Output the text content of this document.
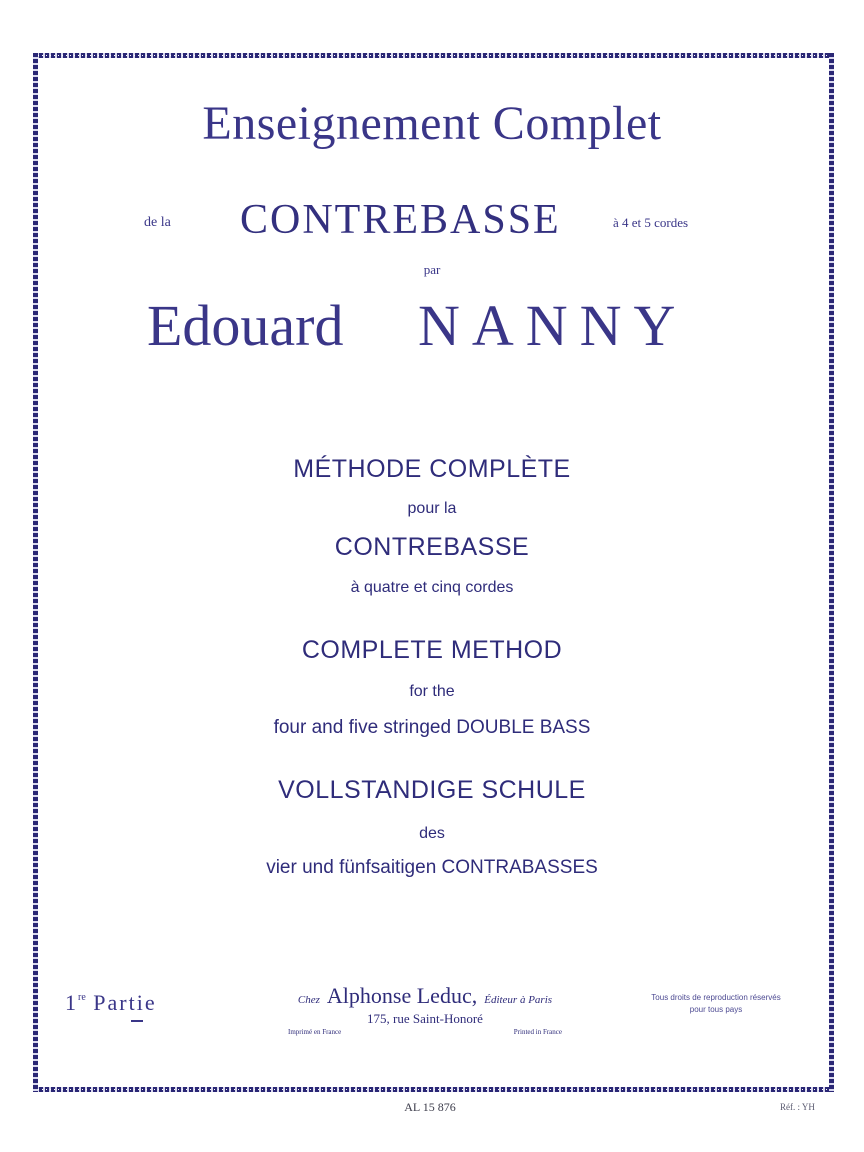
Enseignement Complet
de la CONTREBASSE	à 4 et 5 cordes
par
Edouard NANNY
MÉTHODE COMPLÈTE
pour la
CONTREBASSE
à quatre et cinq cordes
COMPLETE METHOD
for the
four and five stringed DOUBLE BASS
VOLLSTANDIGE SCHULE
des
vier und fünfsaitigen CONTRABASSES
1re Partie	Chez Alphonse Leduc, Éditeur à Paris
175, rue Saint-Honoré
Imprimé en France	Printed in France
Tous droits de reproduction réservés
pour tous pays
AL 15 876	Réf. : YH
